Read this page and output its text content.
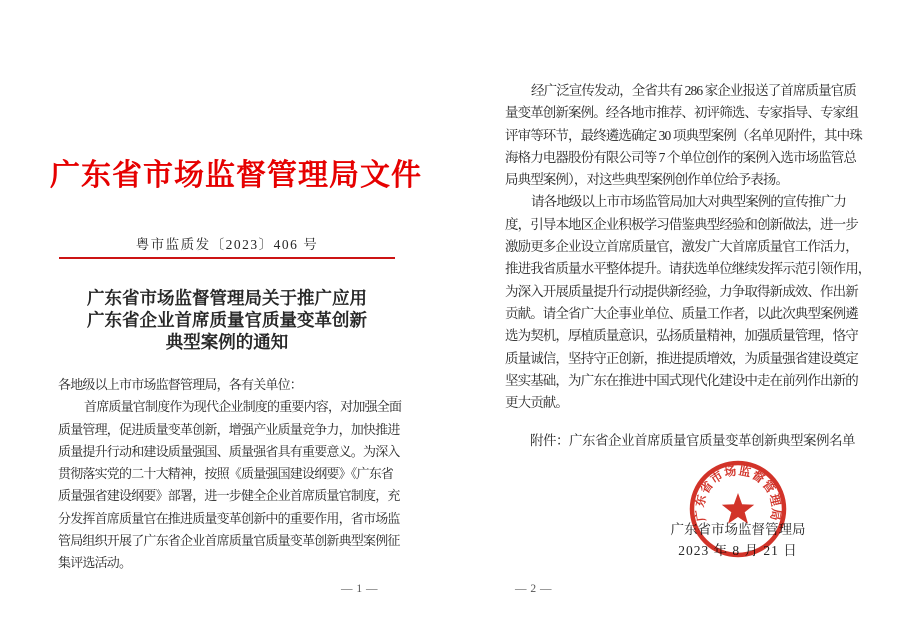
广东省市场监督管理局文件
粤市监质发〔2023〕406 号
广东省市场监督管理局关于推广应用
广东省企业首席质量官质量变革创新
典型案例的通知
各地级以上市市场监督管理局，各有关单位：
首席质量官制度作为现代企业制度的重要内容，对加强全面
质量管理，促进质量变革创新，增强产业质量竞争力，加快推进
质量提升行动和建设质量强国、质量强省具有重要意义。为深入
贯彻落实党的二十大精神，按照《质量强国建设纲要》《广东省
质量强省建设纲要》部署，进一步健全企业首席质量官制度，充
分发挥首席质量官在推进质量变革创新中的重要作用，省市场监
管局组织开展了广东省企业首席质量官质量变革创新典型案例征
集评选活动。
— 1 —
经广泛宣传发动，全省共有 286 家企业报送了首席质量官质
量变革创新案例。经各地市推荐、初评筛选、专家指导、专家组
评审等环节，最终遴选确定 30 项典型案例（名单见附件，其中珠
海格力电器股份有限公司等 7 个单位创作的案例入选市场监管总
局典型案例），对这些典型案例创作单位给予表扬。
请各地级以上市市场监管局加大对典型案例的宣传推广力
度，引导本地区企业积极学习借鉴典型经验和创新做法，进一步
激励更多企业设立首席质量官，激发广大首席质量官工作活力，
推进我省质量水平整体提升。请获选单位继续发挥示范引领作用，
为深入开展质量提升行动提供新经验，力争取得新成效、作出新
贡献。请全省广大企事业单位、质量工作者，以此次典型案例遴
选为契机，厚植质量意识，弘扬质量精神，加强质量管理，恪守
质量诚信，坚持守正创新，推进提质增效，为质量强省建设奠定
坚实基础，为广东在推进中国式现代化建设中走在前列作出新的
更大贡献。
附件：广东省企业首席质量官质量变革创新典型案例名单
广东省市场监督管理局
2023 年 8 月 21 日
广东省市场监督管理局
— 2 —
